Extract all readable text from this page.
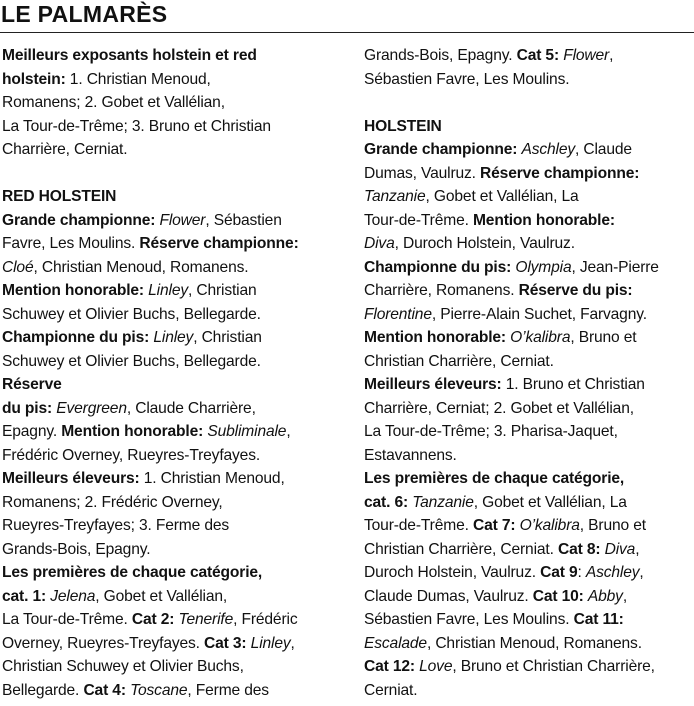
LE PALMARÈS
Meilleurs exposants holstein et red
holstein: 1. Christian Menoud,
Romanens; 2. Gobet et Vallélian,
La Tour-de-Trême; 3. Bruno et Christian
Charrière, Cerniat.
RED HOLSTEIN
Grande championne: Flower, Sébastien
Favre, Les Moulins. Réserve championne:
Cloé, Christian Menoud, Romanens.
Mention honorable: Linley, Christian
Schuwey et Olivier Buchs, Bellegarde.
Championne du pis: Linley, Christian
Schuwey et Olivier Buchs, Bellegarde.
Réserve
du pis: Evergreen, Claude Charrière,
Epagny. Mention honorable: Subliminale,
Frédéric Overney, Rueyres-Treyfayes.
Meilleurs éleveurs: 1. Christian Menoud,
Romanens; 2. Frédéric Overney,
Rueyres-Treyfayes; 3. Ferme des
Grands-Bois, Epagny.
Les premières de chaque catégorie,
cat. 1: Jelena, Gobet et Vallélian,
La Tour-de-Trême. Cat 2: Tenerife, Frédéric
Overney, Rueyres-Treyfayes. Cat 3: Linley,
Christian Schuwey et Olivier Buchs,
Bellegarde. Cat 4: Toscane, Ferme des
Grands-Bois, Epagny. Cat 5: Flower,
Sébastien Favre, Les Moulins.
HOLSTEIN
Grande championne: Aschley, Claude
Dumas, Vaulruz. Réserve championne:
Tanzanie, Gobet et Vallélian, La
Tour-de-Trême. Mention honorable:
Diva, Duroch Holstein, Vaulruz.
Championne du pis: Olympia, Jean-Pierre
Charrière, Romanens. Réserve du pis:
Florentine, Pierre-Alain Suchet, Farvagny.
Mention honorable: O’kalibra, Bruno et
Christian Charrière, Cerniat.
Meilleurs éleveurs: 1. Bruno et Christian
Charrière, Cerniat; 2. Gobet et Vallélian,
La Tour-de-Trême; 3. Pharisa-Jaquet,
Estavannens.
Les premières de chaque catégorie,
cat. 6: Tanzanie, Gobet et Vallélian, La
Tour-de-Trême. Cat 7: O’kalibra, Bruno et
Christian Charrière, Cerniat. Cat 8: Diva,
Duroch Holstein, Vaulruz. Cat 9: Aschley,
Claude Dumas, Vaulruz. Cat 10: Abby,
Sébastien Favre, Les Moulins. Cat 11:
Escalade, Christian Menoud, Romanens.
Cat 12: Love, Bruno et Christian Charrière,
Cerniat.
